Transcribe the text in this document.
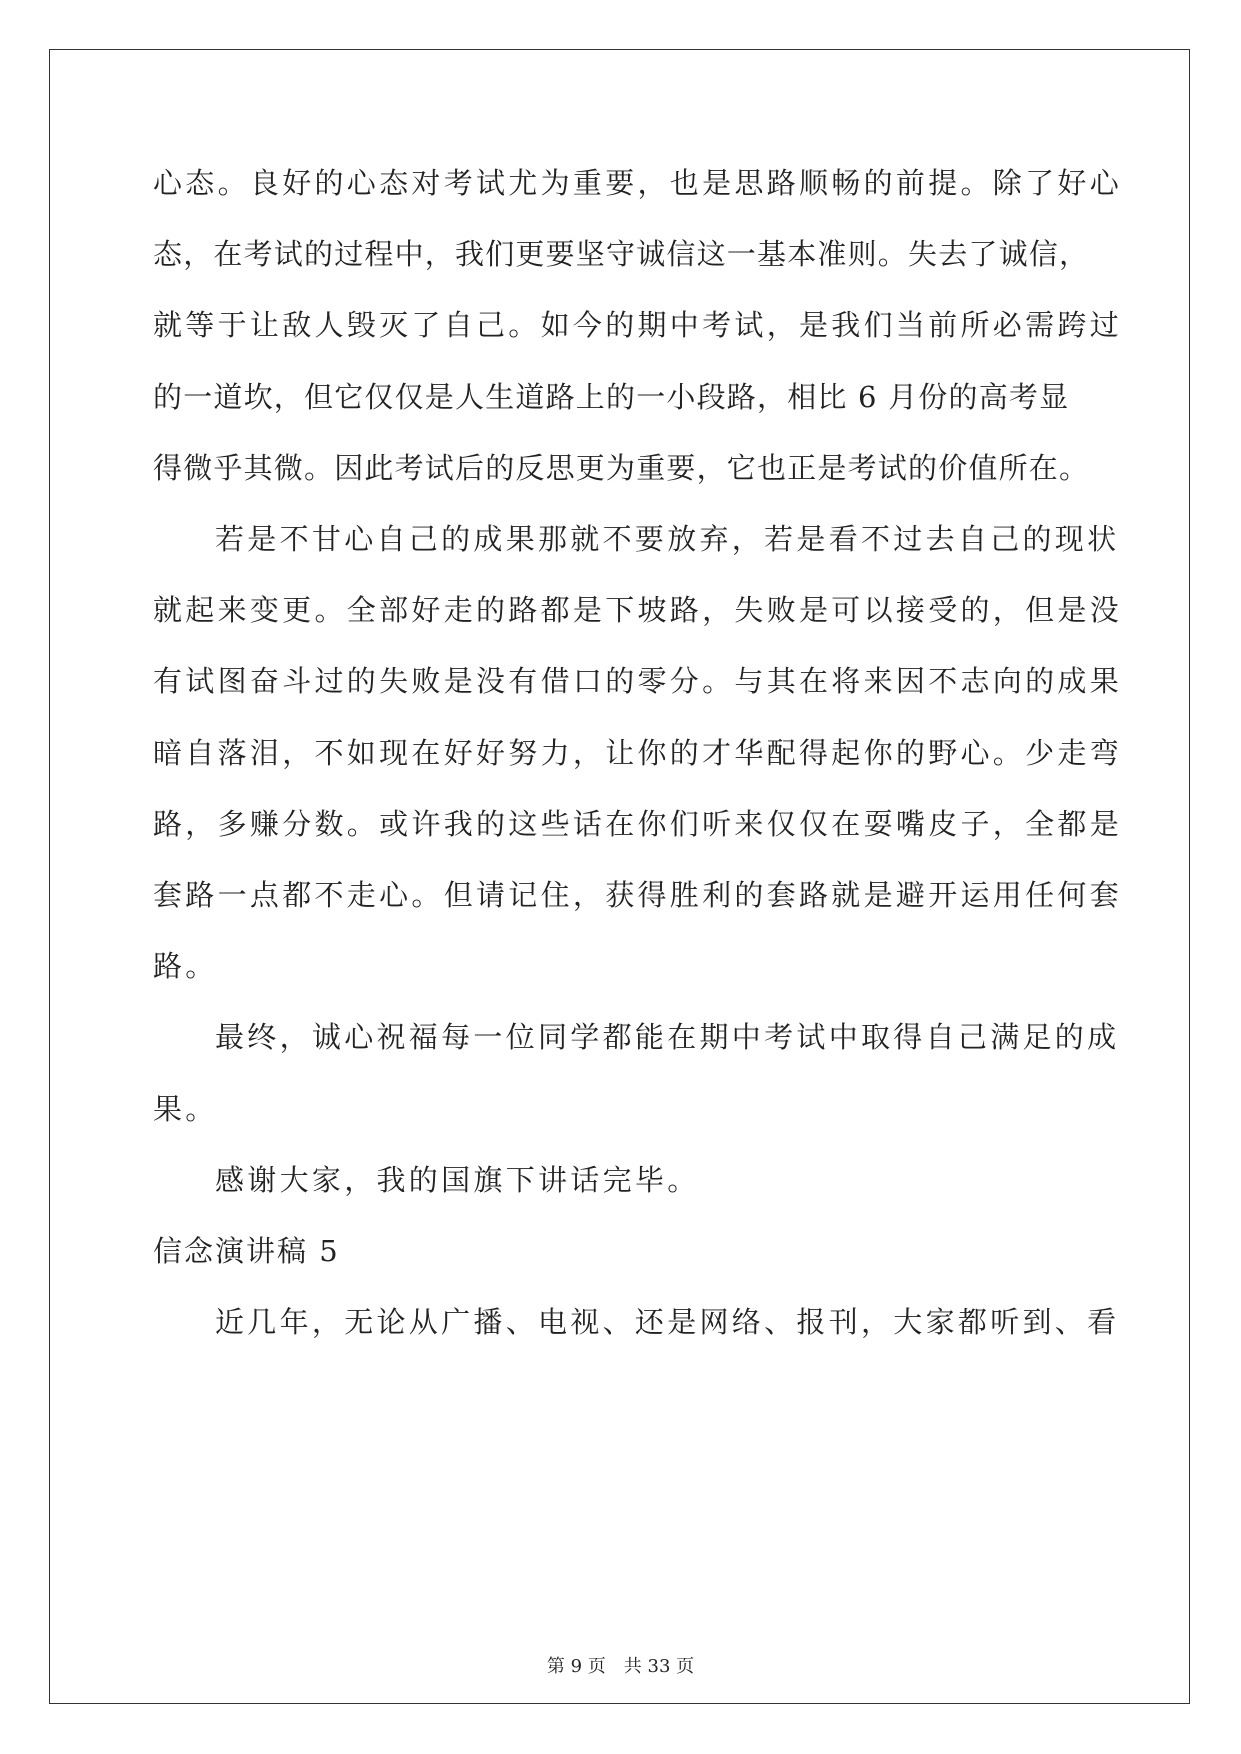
心态。良好的心态对考试尤为重要，也是思路顺畅的前提。除了好心
态，在考试的过程中，我们更要坚守诚信这一基本准则。失去了诚信，
就等于让敌人毁灭了自己。如今的期中考试，是我们当前所必需跨过
的一道坎，但它仅仅是人生道路上的一小段路，相比 6 月份的高考显
得微乎其微。因此考试后的反思更为重要，它也正是考试的价值所在。
若是不甘心自己的成果那就不要放弃，若是看不过去自己的现状
就起来变更。全部好走的路都是下坡路，失败是可以接受的，但是没
有试图奋斗过的失败是没有借口的零分。与其在将来因不志向的成果
暗自落泪，不如现在好好努力，让你的才华配得起你的野心。少走弯
路，多赚分数。或许我的这些话在你们听来仅仅在耍嘴皮子，全都是
套路一点都不走心。但请记住，获得胜利的套路就是避开运用任何套
路。
最终，诚心祝福每一位同学都能在期中考试中取得自己满足的成
果。
感谢大家，我的国旗下讲话完毕。
信念演讲稿 5
近几年，无论从广播、电视、还是网络、报刊，大家都听到、看
第 9 页 共 33 页
